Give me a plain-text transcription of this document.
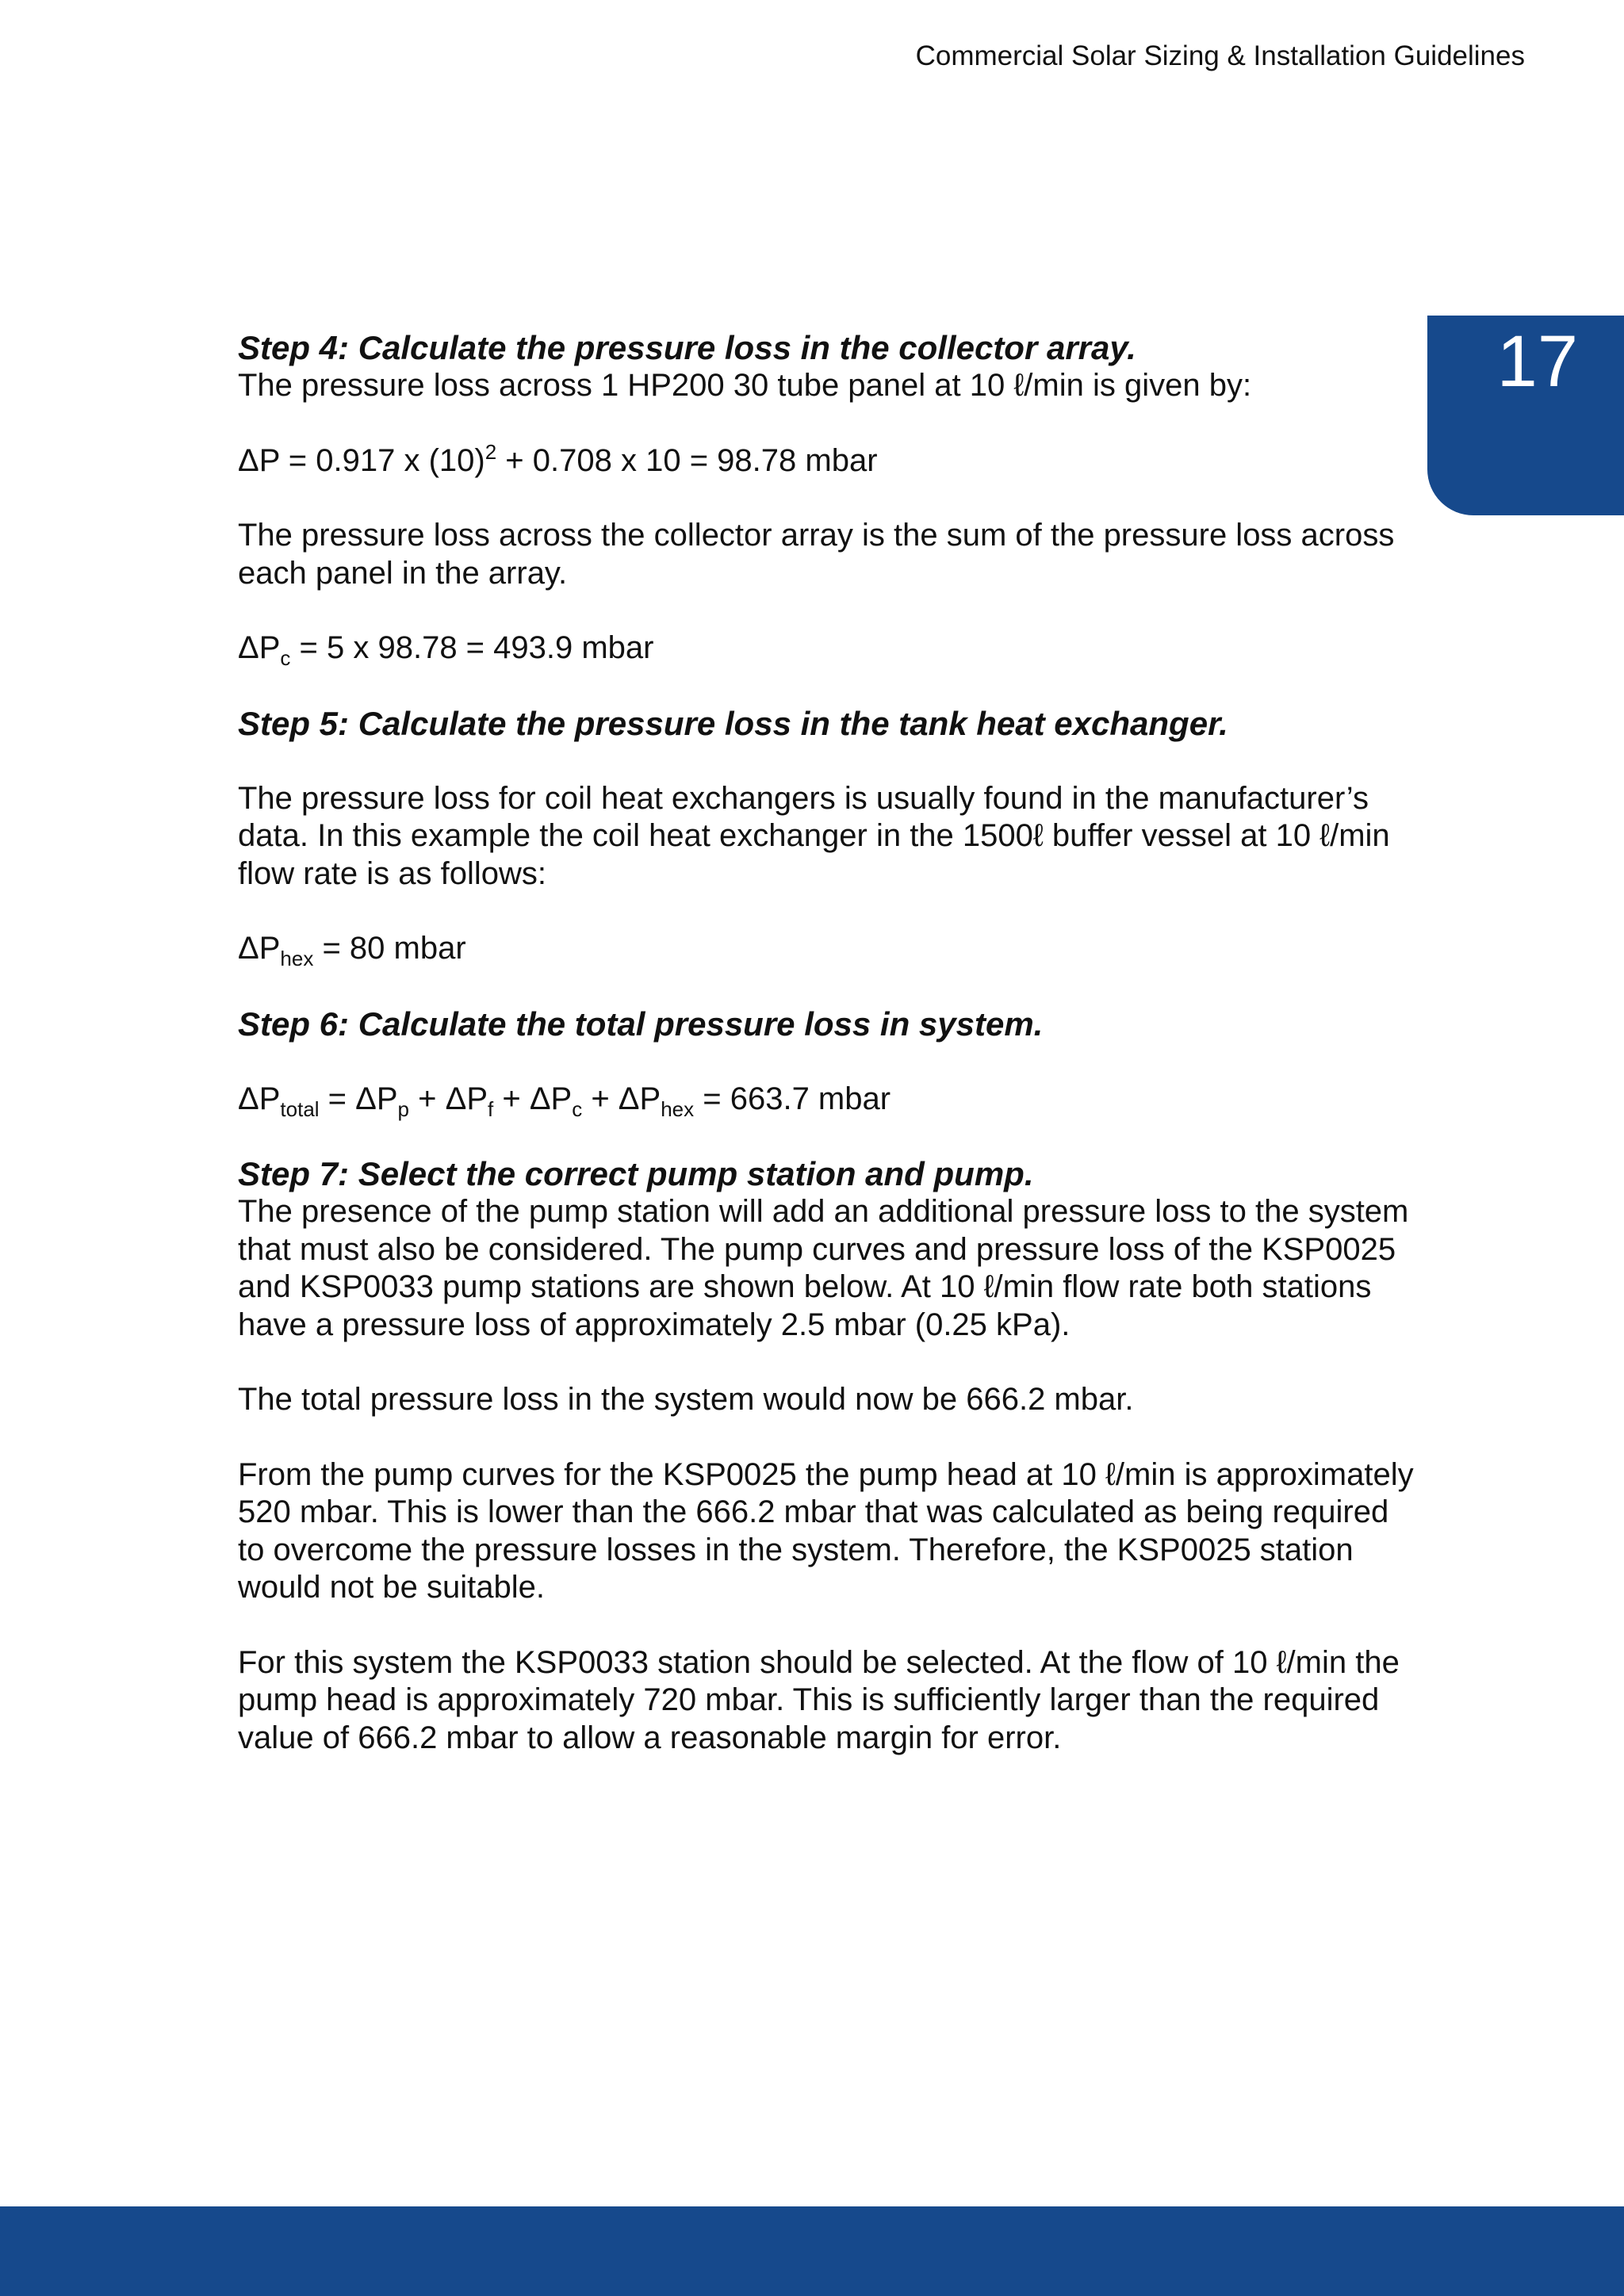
Commercial Solar Sizing & Installation Guidelines
17
Step 4: Calculate the pressure loss in the collector array.

The pressure loss across 1 HP200 30 tube panel at 10 ℓ/min is given by:

ΔP = 0.917 x $(10)^2 + 0.708$ x 10 = 98.78 mbar

The pressure loss across the collector array is the sum of the pressure loss across each panel in the array.

$\Delta P_c = 5$ x 98.78 = 493.9 mbar

Step 5: Calculate the pressure loss in the tank heat exchanger.

The pressure loss for coil heat exchangers is usually found in the manufacturer’s data. In this example the coil heat exchanger in the 1500ℓ buffer vessel at 10 ℓ/min flow rate is as follows:

$\Delta P_{hex} = 80$ mbar

Step 6: Calculate the total pressure loss in system.

$\Delta P_{total} = \Delta P_p + \Delta P_f + \Delta P_c + \Delta P_{hex} = 663.7$ mbar

Step 7: Select the correct pump station and pump.

The presence of the pump station will add an additional pressure loss to the system that must also be considered. The pump curves and pressure loss of the KSP0025 and KSP0033 pump stations are shown below. At 10 ℓ/min flow rate both stations have a pressure loss of approximately 2.5 mbar (0.25 kPa).

The total pressure loss in the system would now be 666.2 mbar.

From the pump curves for the KSP0025 the pump head at 10 ℓ/min is approximately 520 mbar. This is lower than the 666.2 mbar that was calculated as being required to overcome the pressure losses in the system. Therefore, the KSP0025 station would not be suitable.

For this system the KSP0033 station should be selected. At the flow of 10 ℓ/min the pump head is approximately 720 mbar. This is sufficiently larger than the required value of 666.2 mbar to allow a reasonable margin for error.
